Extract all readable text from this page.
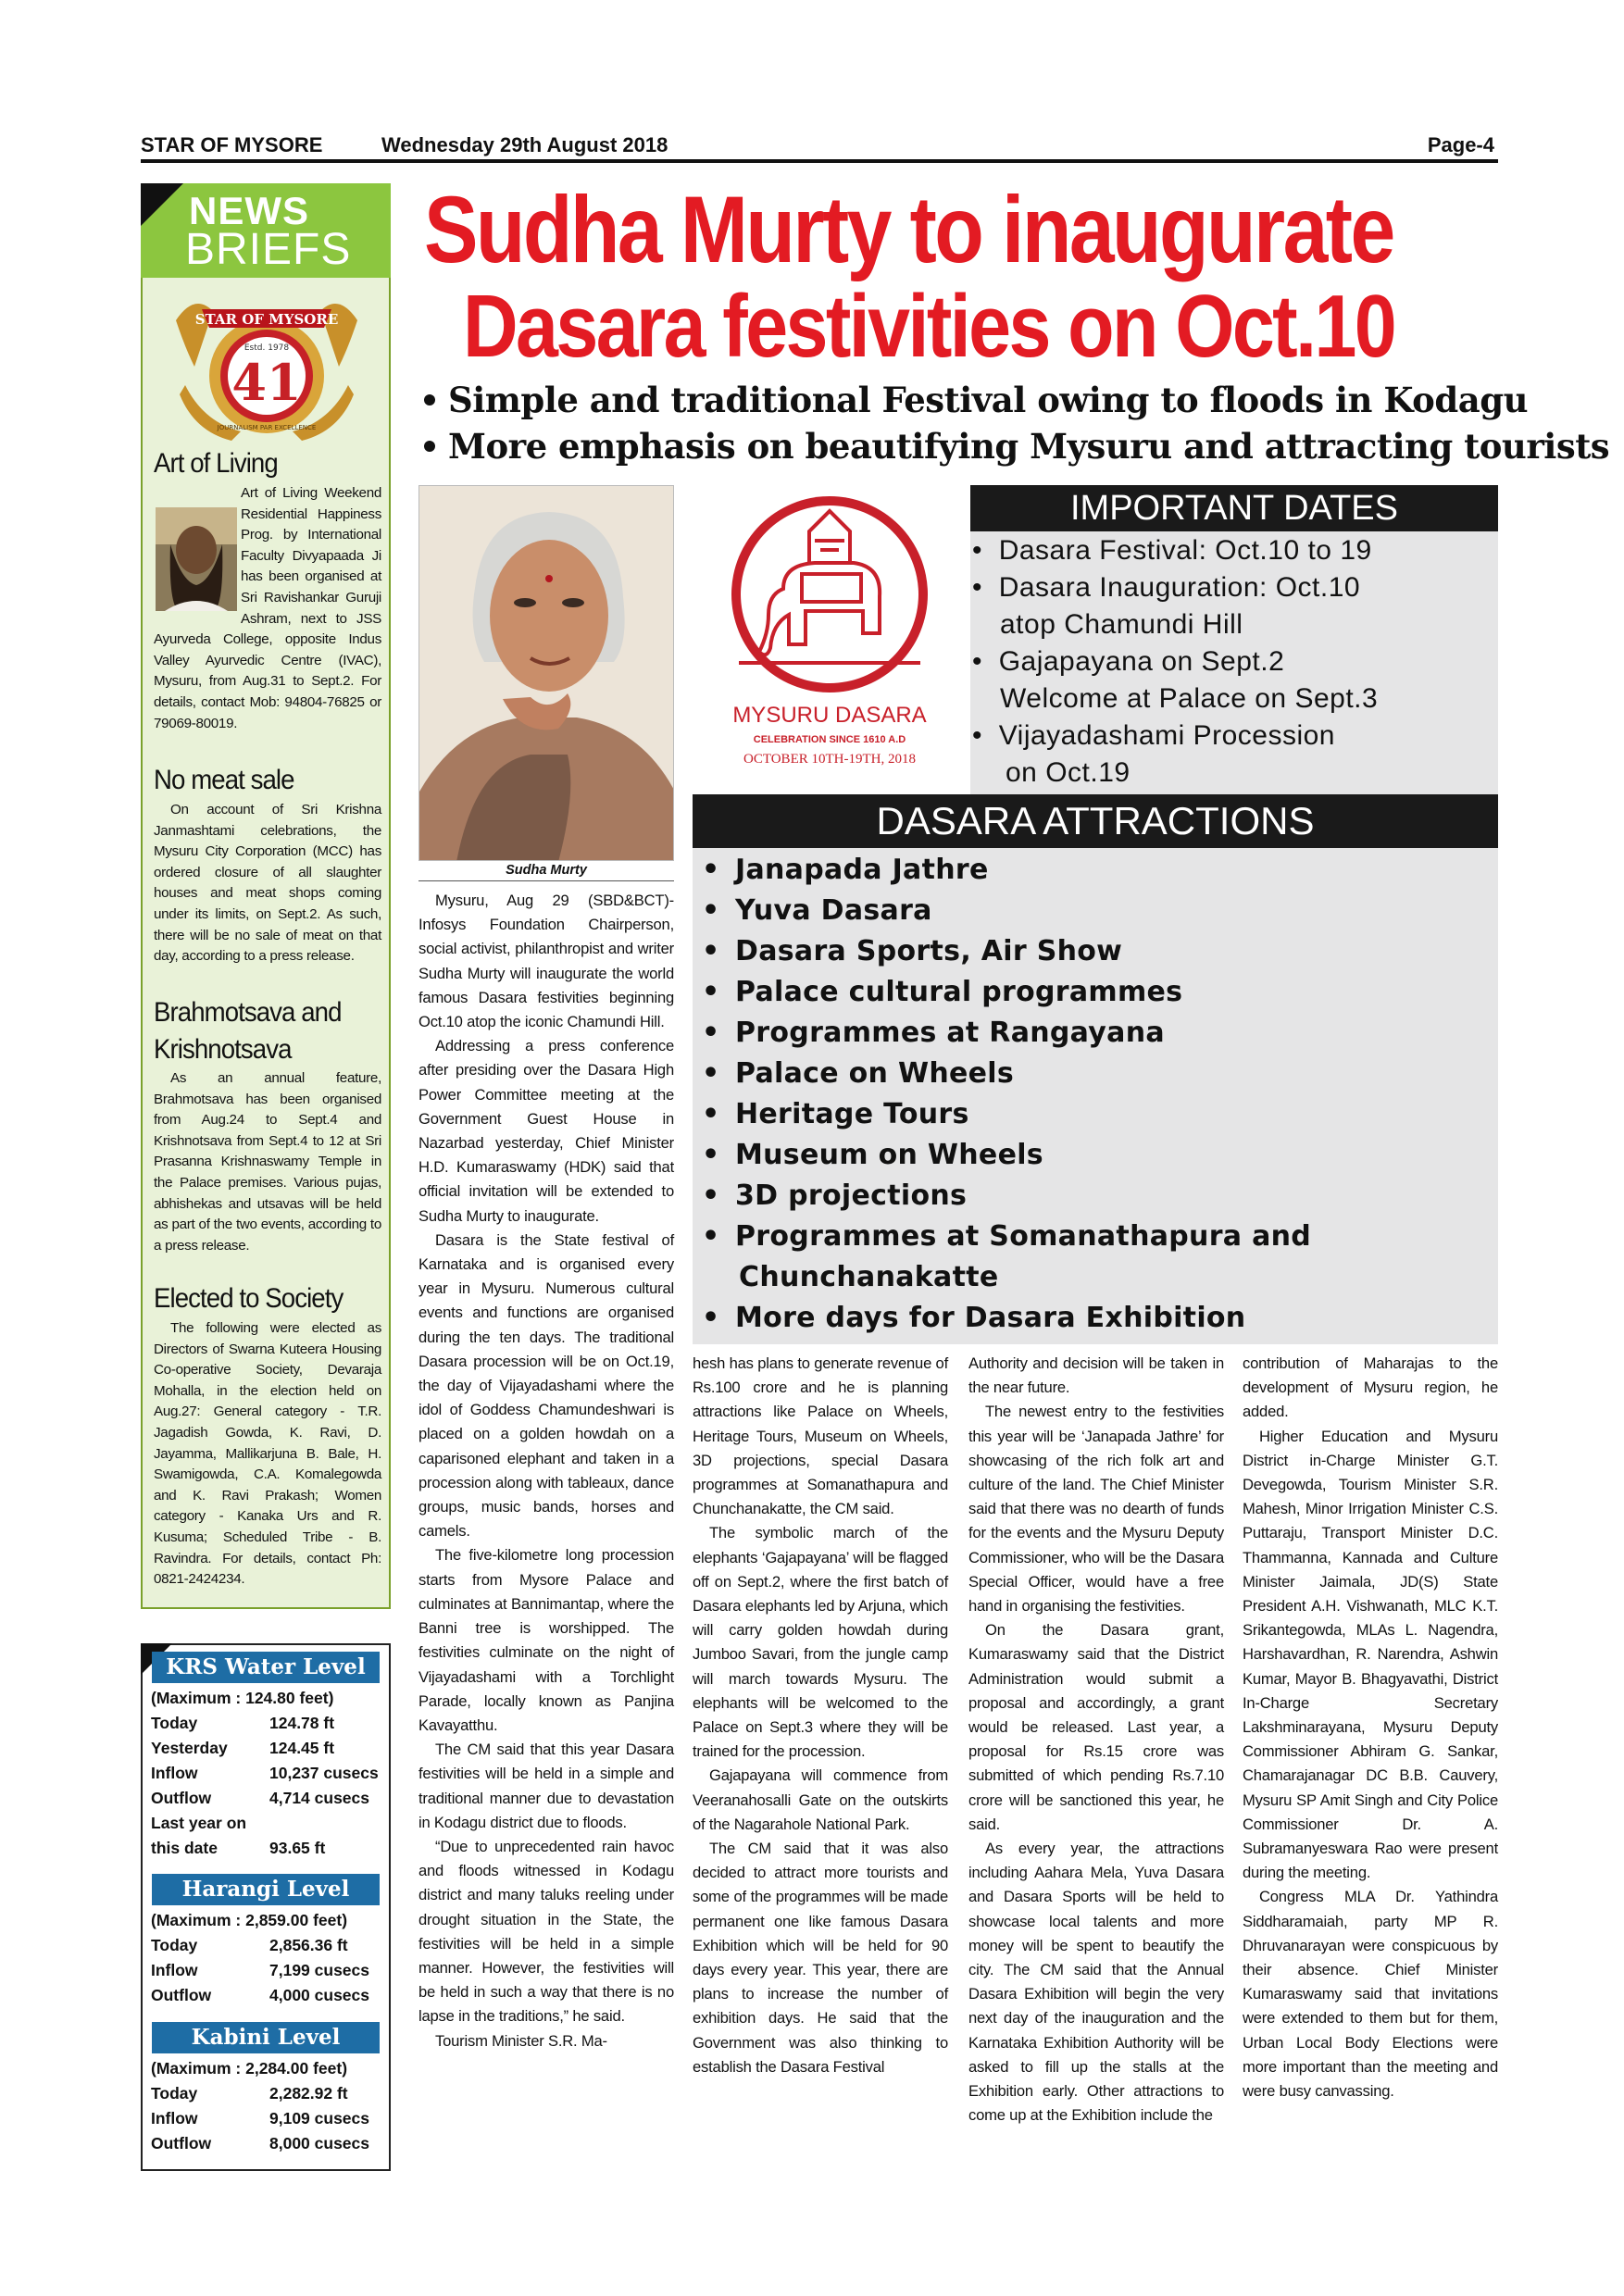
STAR OF MYSORE	Wednesday 29th August 2018	Page-4
Sudha Murty to inaugurate
Dasara festivities on Oct.10
Simple and traditional Festival owing to floods in Kodagu
More emphasis on beautifying Mysuru and attracting tourists
NEWS
BRIEFS
STAR OF MYSORE
Estd. 1978
41
JOURNALISM PAR EXCELLENCE
Art of Living
Art of Living Weekend Residential Happiness Prog. by International Faculty Divyapaada Ji has been organised at Sri Ravishankar Guruji Ashram, next to JSS Ayurveda College, opposite Indus Valley Ayurvedic Centre (IVAC), Mysuru, from Aug.31 to Sept.2. For details, contact Mob: 94804-76825 or 79069-80019.
No meat sale

On account of Sri Krishna Janmashtami celebrations, the Mysuru City Corporation (MCC) has ordered closure of all slaughter houses and meat shops coming under its limits, on Sept.2. As such, there will be no sale of meat on that day, according to a press release.

Brahmotsava and Krishnotsava

As an annual feature, Brahmotsava has been organised from Aug.24 to Sept.4 and Krishnotsava from Sept.4 to 12 at Sri Prasanna Krishnaswamy Temple in the Palace premises. Various pujas, abhishekas and utsavas will be held as part of the two events, according to a press release.

Elected to Society

The following were elected as Directors of Swarna Kuteera Housing Co-operative Society, Devaraja Mohalla, in the election held on Aug.27: General category - T.R. Jagadish Gowda, K. Ravi, D. Jayamma, Mallikarjuna B. Bale, H. Swamigowda, C.A. Komalegowda and K. Ravi Prakash; Women category - Kanaka Urs and R. Kusuma; Scheduled Tribe - B. Ravindra. For details, contact Ph: 0821-2424234.

KRS Water Level
(Maximum : 124.80 feet)
Today	124.78 ft
Yesterday	124.45 ft
Inflow	10,237 cusecs
Outflow	4,714 cusecs
Last year on
this date	93.65 ft
Harangi Level
(Maximum : 2,859.00 feet)
Today	2,856.36 ft
Inflow	7,199 cusecs
Outflow	4,000 cusecs
Kabini Level
(Maximum : 2,284.00 feet)
Today	2,282.92 ft
Inflow	9,109 cusecs
Outflow	8,000 cusecs
Sudha Murty
MYSURU DASARA
CELEBRATION SINCE 1610 A.D
OCTOBER 10TH-19TH, 2018
IMPORTANT DATES
•  Dasara Festival: Oct.10 to 19
•  Dasara Inauguration: Oct.10
atop Chamundi Hill
•  Gajapayana on Sept.2
Welcome at Palace on Sept.3
•  Vijayadashami Procession
on Oct.19
DASARA ATTRACTIONS
• Janapada Jathre
• Yuva Dasara
• Dasara Sports, Air Show
• Palace cultural programmes
• Programmes at Rangayana
• Palace on Wheels
• Heritage Tours
• Museum on Wheels
• 3D projections
• Programmes at Somanathapura and
Chunchanakatte
• More days for Dasara Exhibition

Mysuru, Aug 29 (SBD&BCT)- Infosys Foundation Chairperson, social activist, philanthropist and writer Sudha Murty will inaugurate the world famous Dasara festivities beginning Oct.10 atop the iconic Chamundi Hill.

Addressing a press conference after presiding over the Dasara High Power Committee meeting at the Government Guest House in Nazarbad yesterday, Chief Minister H.D. Kumaraswamy (HDK) said that official invitation will be extended to Sudha Murty to inaugurate.

Dasara is the State festival of Karnataka and is organised every year in Mysuru. Numerous cultural events and functions are organised during the ten days. The traditional Dasara procession will be on Oct.19, the day of Vijayadashami where the idol of Goddess Chamundeshwari is placed on a golden howdah on a caparisoned elephant and taken in a procession along with tableaux, dance groups, music bands, horses and camels.

The five-kilometre long procession starts from Mysore Palace and culminates at Bannimantap, where the Banni tree is worshipped. The festivities culminate on the night of Vijayadashami with a Torchlight Parade, locally known as Panjina Kavayatthu.

The CM said that this year Dasara festivities will be held in a simple and traditional manner due to devastation in Kodagu district due to floods.

“Due to unprecedented rain havoc and floods witnessed in Kodagu district and many taluks reeling under drought situation in the State, the festivities will be held in a simple manner. However, the festivities will be held in such a way that there is no lapse in the traditions,” he said.

Tourism Minister S.R. Ma-

hesh has plans to generate revenue of Rs.100 crore and he is planning attractions like Palace on Wheels, Heritage Tours, Museum on Wheels, 3D projections, special Dasara programmes at Somanathapura and Chunchanakatte, the CM said.

The symbolic march of the elephants ‘Gajapayana’ will be flagged off on Sept.2, where the first batch of Dasara elephants led by Arjuna, which will carry golden howdah during Jumboo Savari, from the jungle camp will march towards Mysuru. The elephants will be welcomed to the Palace on Sept.3 where they will be trained for the procession.

Gajapayana will commence from Veeranahosalli Gate on the outskirts of the Nagarahole National Park.

The CM said that it was also decided to attract more tourists and some of the programmes will be made permanent one like famous Dasara Exhibition which will be held for 90 days every year. This year, there are plans to increase the number of exhibition days. He said that the Government was also thinking to establish the Dasara Festival

Authority and decision will be taken in the near future.

The newest entry to the festivities this year will be ‘Janapada Jathre’ for showcasing of the rich folk art and culture of the land. The Chief Minister said that there was no dearth of funds for the events and the Mysuru Deputy Commissioner, who will be the Dasara Special Officer, would have a free hand in organising the festivities.

On the Dasara grant, Kumaraswamy said that the District Administration would submit a proposal and accordingly, a grant would be released. Last year, a proposal for Rs.15 crore was submitted of which pending Rs.7.10 crore will be sanctioned this year, he said.

As every year, the attractions including Aahara Mela, Yuva Dasara and Dasara Sports will be held to showcase local talents and more money will be spent to beautify the city. The CM said that the Annual Dasara Exhibition will begin the very next day of the inauguration and the Karnataka Exhibition Authority will be asked to fill up the stalls at the Exhibition early. Other attractions to come up at the Exhibition include the

contribution of Maharajas to the development of Mysuru region, he added.

Higher Education and Mysuru District in-Charge Minister G.T. Devegowda, Tourism Minister S.R. Mahesh, Minor Irrigation Minister C.S. Puttaraju, Transport Minister D.C. Thammanna, Kannada and Culture Minister Jaimala, JD(S) State President A.H. Vishwanath, MLC K.T. Srikantegowda, MLAs L. Nagendra, Harshavardhan, R. Narendra, Ashwin Kumar, Mayor B. Bhagyavathi, District In-Charge Secretary Lakshminarayana, Mysuru Deputy Commissioner Abhiram G. Sankar, Chamarajanagar DC B.B. Cauvery, Mysuru SP Amit Singh and City Police Commissioner Dr. A. Subramanyeswara Rao were present during the meeting.

Congress MLA Dr. Yathindra Siddharamaiah, party MP R. Dhruvanarayan were conspicuous by their absence. Chief Minister Kumaraswamy said that invitations were extended to them but for them, Urban Local Body Elections were more important than the meeting and were busy canvassing.
